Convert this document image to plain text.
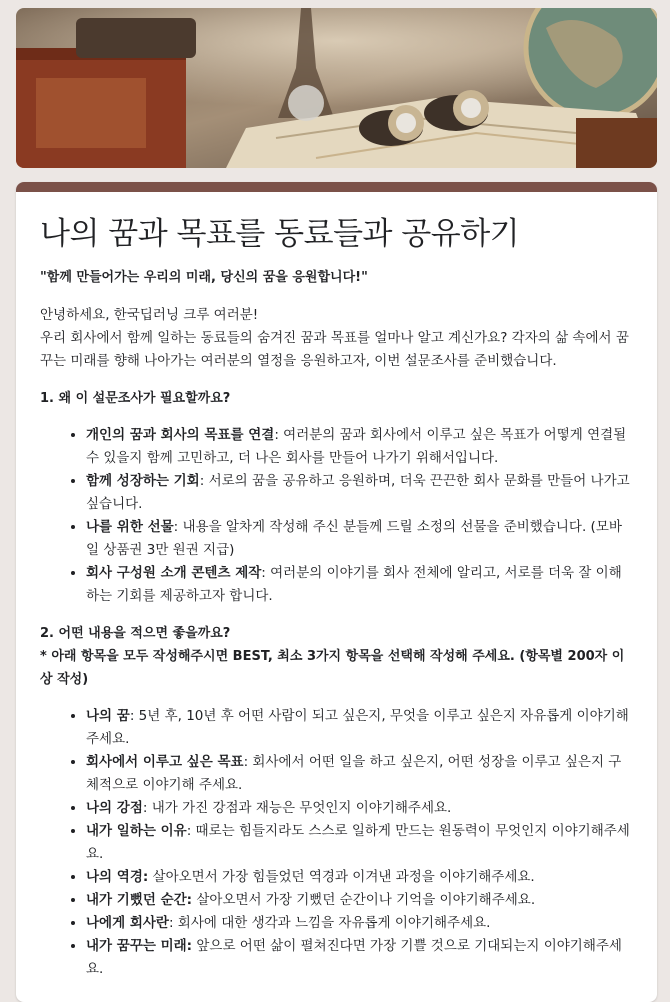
나의 꿈과 목표를 동료들과 공유하기
"함께 만들어가는 우리의 미래, 당신의 꿈을 응원합니다!"

안녕하세요, 한국딥러닝 크루 여러분!

우리 회사에서 함께 일하는 동료들의 숨겨진 꿈과 목표를 얼마나 알고 계신가요? 각자의 삶 속에서 꿈꾸는 미래를 향해 나아가는 여러분의 열정을 응원하고자, 이번 설문조사를 준비했습니다.

1. 왜 이 설문조사가 필요할까요?
• 개인의 꿈과 회사의 목표를 연결: 여러분의 꿈과 회사에서 이루고 싶은 목표가 어떻게 연결될 수 있을지 함께 고민하고, 더 나은 회사를 만들어 나가기 위해서입니다.
• 함께 성장하는 기회: 서로의 꿈을 공유하고 응원하며, 더욱 끈끈한 회사 문화를 만들어 나가고 싶습니다.
• 나를 위한 선물: 내용을 알차게 작성해 주신 분들께 드릴 소정의 선물을 준비했습니다. (모바일 상품권 3만 원권 지급)
• 회사 구성원 소개 콘텐츠 제작: 여러분의 이야기를 회사 전체에 알리고, 서로를 더욱 잘 이해하는 기회를 제공하고자 합니다.
2. 어떤 내용을 적으면 좋을까요?
* 아래 항목을 모두 작성해주시면 BEST, 최소 3가지 항목을 선택해 작성해 주세요. (항목별 200자 이상 작성)
• 나의 꿈: 5년 후, 10년 후 어떤 사람이 되고 싶은지, 무엇을 이루고 싶은지 자유롭게 이야기해주세요.
• 회사에서 이루고 싶은 목표: 회사에서 어떤 일을 하고 싶은지, 어떤 성장을 이루고 싶은지 구체적으로 이야기해 주세요.
• 나의 강점: 내가 가진 강점과 재능은 무엇인지 이야기해주세요.
• 내가 일하는 이유: 때로는 힘들지라도 스스로 일하게 만드는 원동력이 무엇인지 이야기해주세요.
• 나의 역경: 살아오면서 가장 힘들었던 역경과 이겨낸 과정을 이야기해주세요.
• 내가 기뻤던 순간: 살아오면서 가장 기뻤던 순간이나 기억을 이야기해주세요.
• 나에게 회사란: 회사에 대한 생각과 느낌을 자유롭게 이야기해주세요.
• 내가 꿈꾸는 미래: 앞으로 어떤 삶이 펼쳐진다면 가장 기쁠 것으로 기대되는지 이야기해주세요.
